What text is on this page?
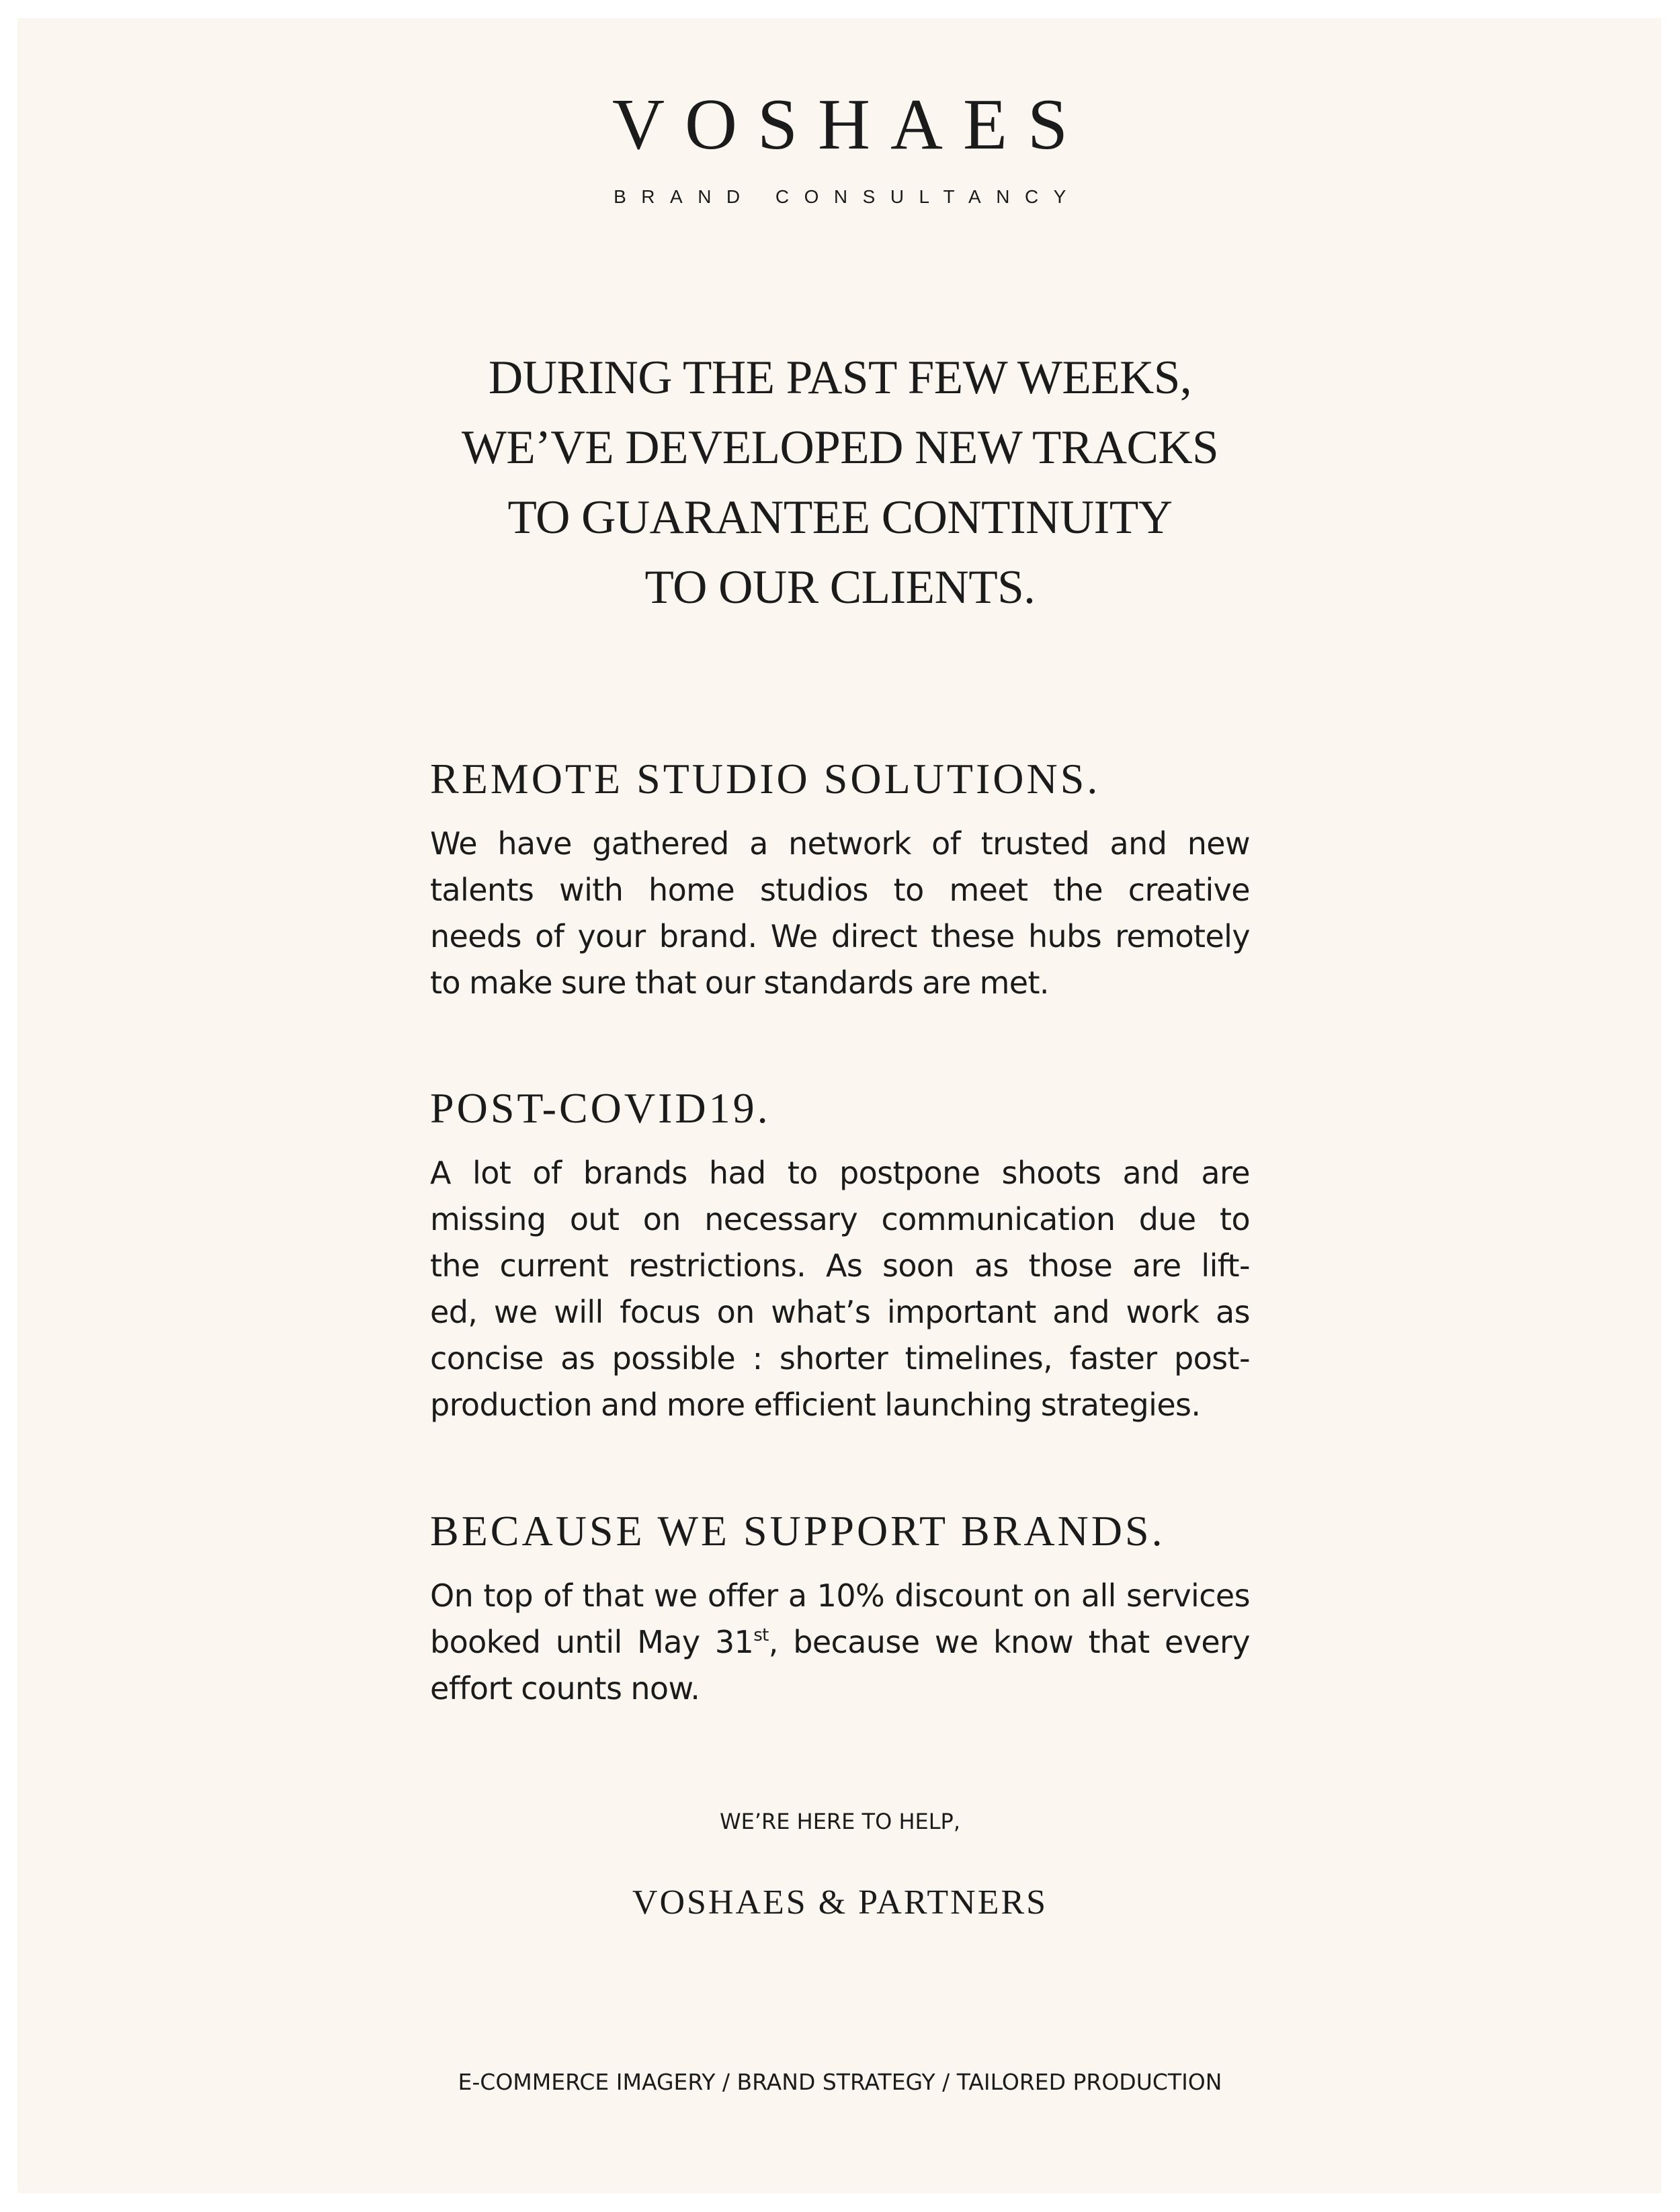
VOSHAES
BRAND CONSULTANCY
DURING THE PAST FEW WEEKS,
WE’VE DEVELOPED NEW TRACKS
TO GUARANTEE CONTINUITY
TO OUR CLIENTS.
REMOTE STUDIO SOLUTIONS.
We have gathered a network of trusted and new
talents with home studios to meet the creative
needs of your brand. We direct these hubs remotely
to make sure that our standards are met.
POST-COVID19.
A lot of brands had to postpone shoots and are
missing out on necessary communication due to
the current restrictions. As soon as those are lift-
ed, we will focus on what’s important and work as
concise as possible : shorter timelines, faster post-
production and more efficient launching strategies.
BECAUSE WE SUPPORT BRANDS.
On top of that we offer a 10% discount on all services
booked until May 31st, because we know that every
effort counts now.
WE’RE HERE TO HELP,
VOSHAES & PARTNERS
E-COMMERCE IMAGERY / BRAND STRATEGY / TAILORED PRODUCTION
